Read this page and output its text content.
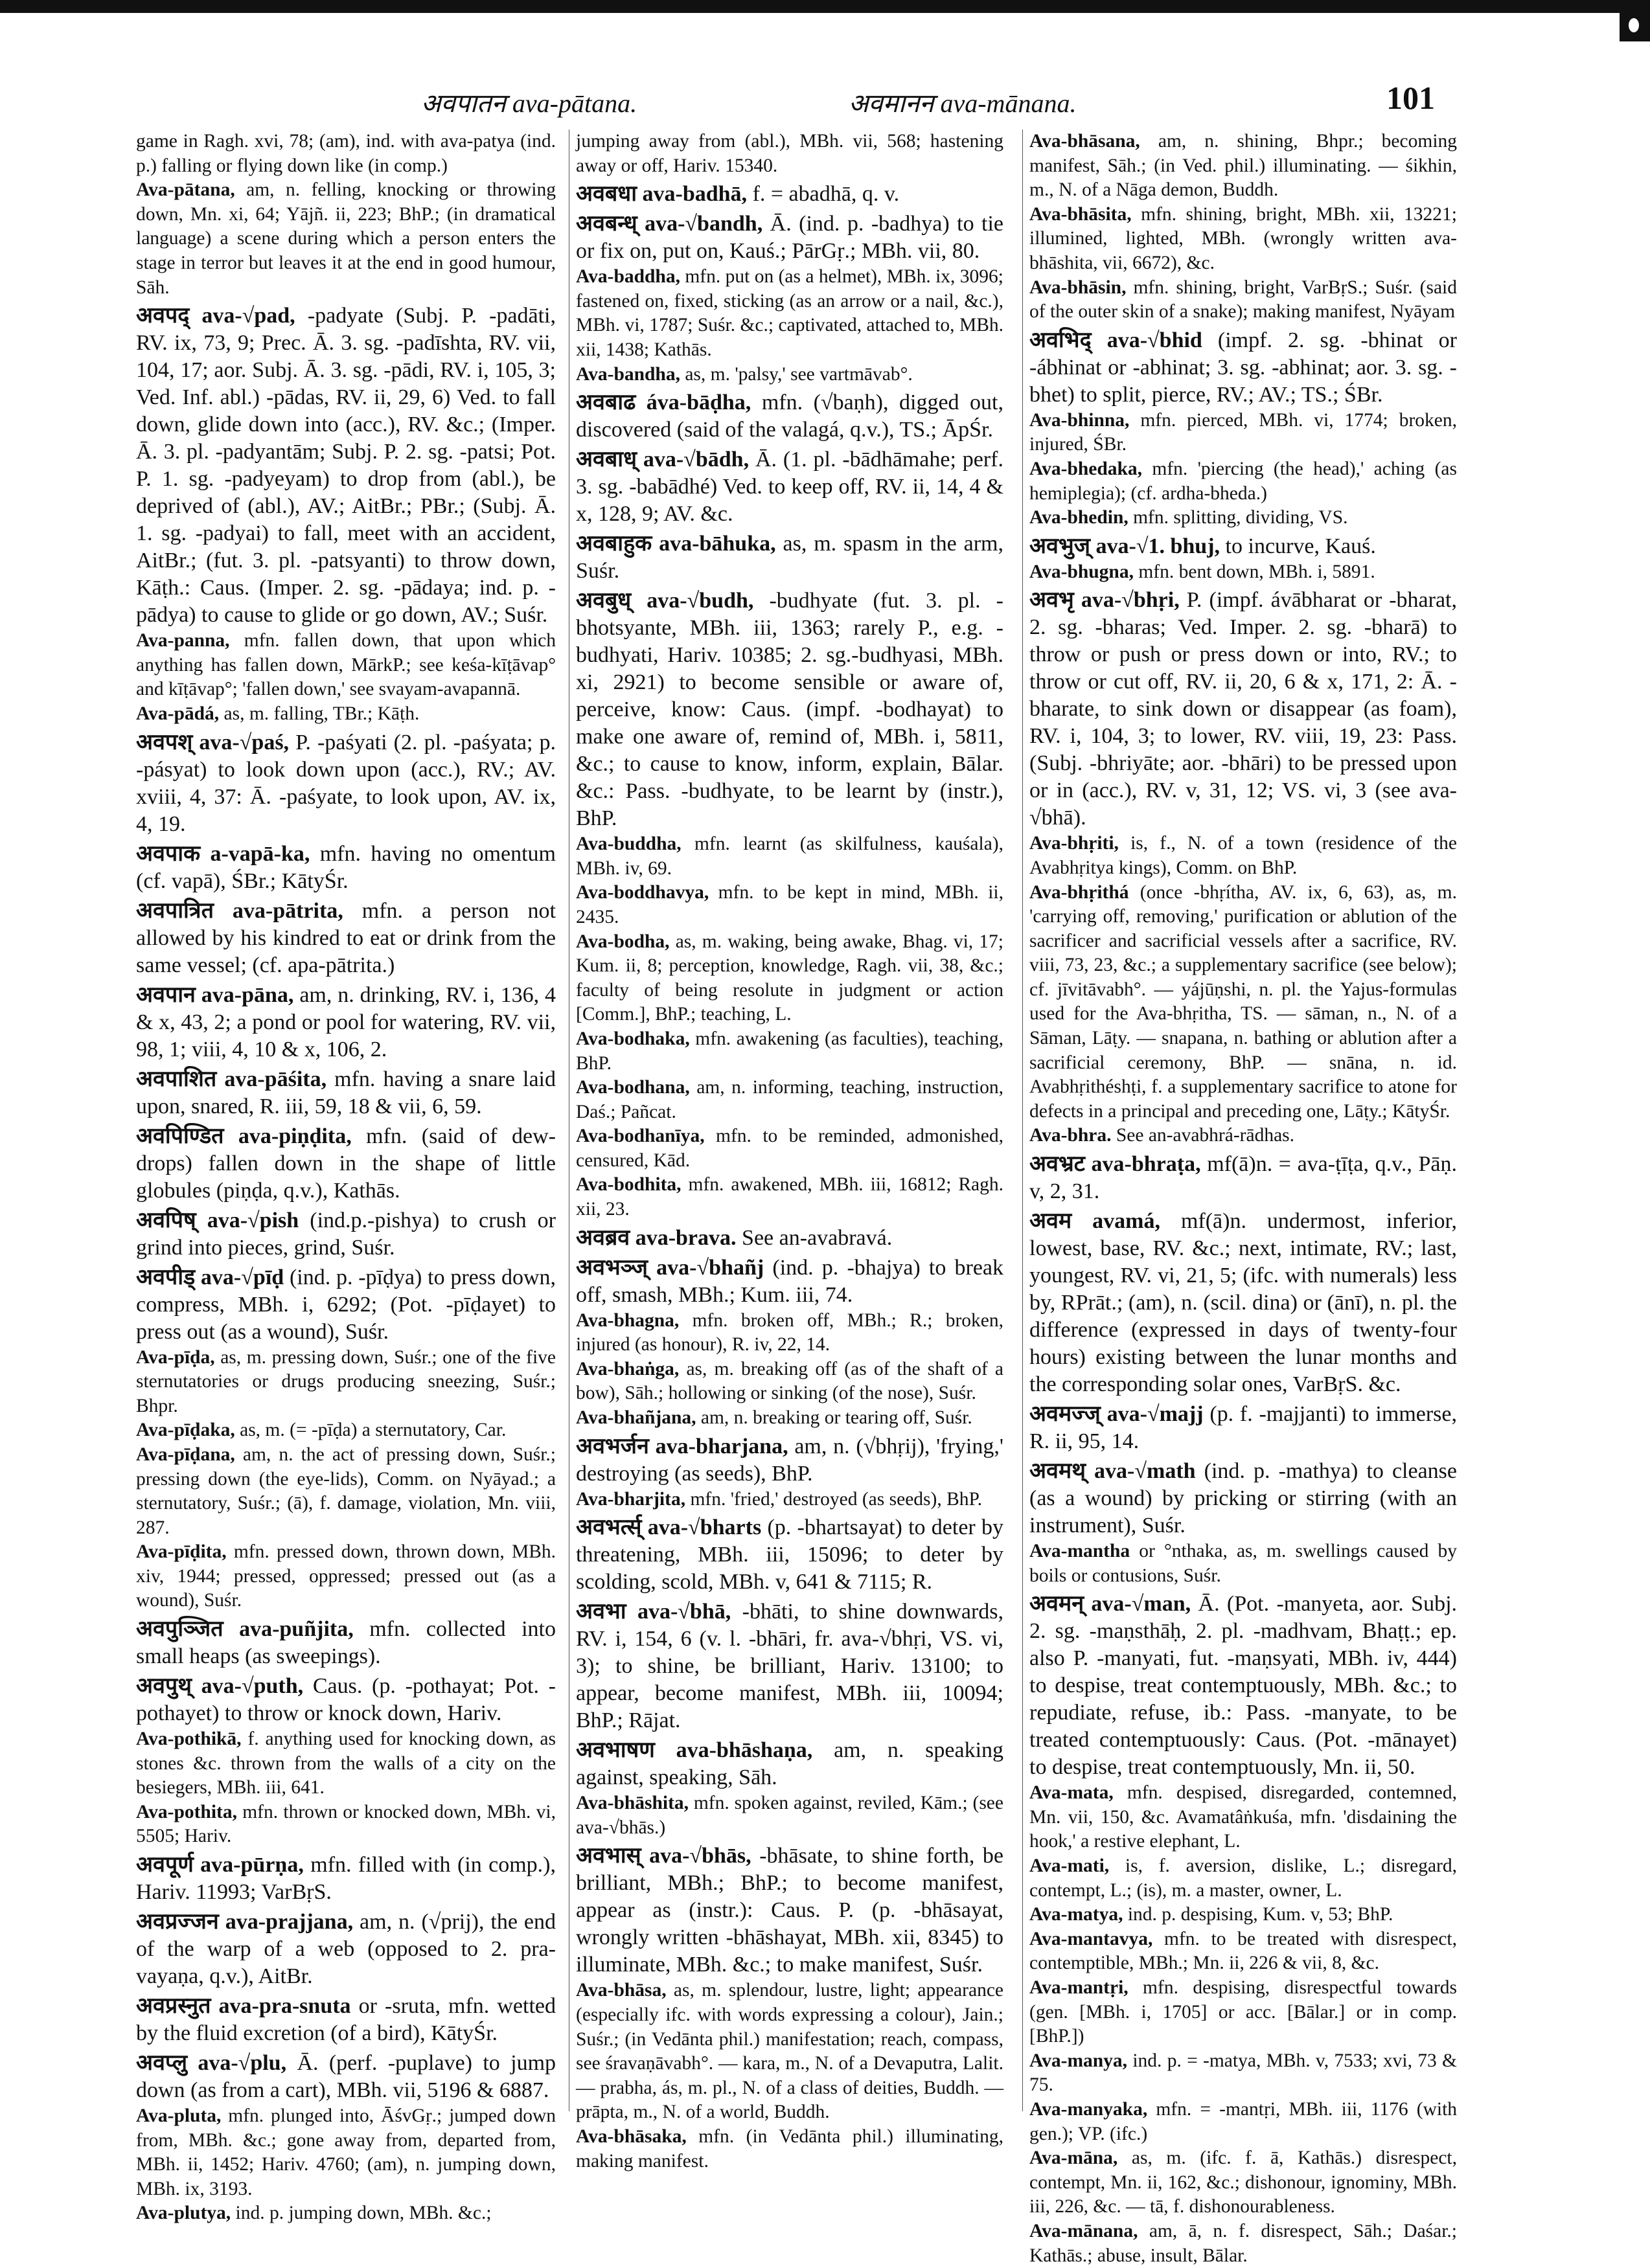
अवपातन ava-pātana.	अवमानन ava-mānana.	101

game in Ragh. xvi, 78; (am), ind. with ava-patya (ind. p.) falling or flying down like (in comp.)

Ava-pātana, am, n. felling, knocking or throwing down, Mn. xi, 64; Yājñ. ii, 223; BhP.; (in dramatical language) a scene during which a person enters the stage in terror but leaves it at the end in good humour, Sāh.

अवपद् ava-√pad, -padyate (Subj. P. -padāti, RV. ix, 73, 9; Prec. Ā. 3. sg. -padīshta, RV. vii, 104, 17; aor. Subj. Ā. 3. sg. -pādi, RV. i, 105, 3; Ved. Inf. abl.) -pādas, RV. ii, 29, 6) Ved. to fall down, glide down into (acc.), RV. &c.; (Imper. Ā. 3. pl. -padyantām; Subj. P. 2. sg. -patsi; Pot. P. 1. sg. -padyeyam) to drop from (abl.), be deprived of (abl.), AV.; AitBr.; PBr.; (Subj. Ā. 1. sg. -padyai) to fall, meet with an accident, AitBr.; (fut. 3. pl. -patsyanti) to throw down, Kāṭh.: Caus. (Imper. 2. sg. -pādaya; ind. p. -pādya) to cause to glide or go down, AV.; Suśr.

Ava-panna, mfn. fallen down, that upon which anything has fallen down, MārkP.; see keśa-kīṭāvap° and kīṭāvap°; 'fallen down,' see svayam-avapannā.

Ava-pādá, as, m. falling, TBr.; Kāṭh.

अवपश् ava-√paś, P. -paśyati (2. pl. -paśyata; p. -pásyat) to look down upon (acc.), RV.; AV. xviii, 4, 37: Ā. -paśyate, to look upon, AV. ix, 4, 19.

अवपाक a-vapā-ka, mfn. having no omentum (cf. vapā), ŚBr.; KātyŚr.

अवपात्रित ava-pātrita, mfn. a person not allowed by his kindred to eat or drink from the same vessel; (cf. apa-pātrita.)

अवपान ava-pāna, am, n. drinking, RV. i, 136, 4 & x, 43, 2; a pond or pool for watering, RV. vii, 98, 1; viii, 4, 10 & x, 106, 2.

अवपाशित ava-pāśita, mfn. having a snare laid upon, snared, R. iii, 59, 18 & vii, 6, 59.

अवपिण्डित ava-piṇḍita, mfn. (said of dew-drops) fallen down in the shape of little globules (piṇḍa, q.v.), Kathās.

अवपिष् ava-√pish (ind.p.-pishya) to crush or grind into pieces, grind, Suśr.

अवपीड् ava-√pīḍ (ind. p. -pīḍya) to press down, compress, MBh. i, 6292; (Pot. -pīḍayet) to press out (as a wound), Suśr.

Ava-pīḍa, as, m. pressing down, Suśr.; one of the five sternutatories or drugs producing sneezing, Suśr.; Bhpr.

Ava-pīḍaka, as, m. (= -pīḍa) a sternutatory, Car.

Ava-pīḍana, am, n. the act of pressing down, Suśr.; pressing down (the eye-lids), Comm. on Nyāyad.; a sternutatory, Suśr.; (ā), f. damage, violation, Mn. viii, 287.

Ava-pīḍita, mfn. pressed down, thrown down, MBh. xiv, 1944; pressed, oppressed; pressed out (as a wound), Suśr.

अवपुञ्जित ava-puñjita, mfn. collected into small heaps (as sweepings).

अवपुथ् ava-√puth, Caus. (p. -pothayat; Pot. -pothayet) to throw or knock down, Hariv.

Ava-pothikā, f. anything used for knocking down, as stones &c. thrown from the walls of a city on the besiegers, MBh. iii, 641.

Ava-pothita, mfn. thrown or knocked down, MBh. vi, 5505; Hariv.

अवपूर्ण ava-pūrṇa, mfn. filled with (in comp.), Hariv. 11993; VarBṛS.

अवप्रज्जन ava-prajjana, am, n. (√prij), the end of the warp of a web (opposed to 2. pra-vayaṇa, q.v.), AitBr.

अवप्रस्नुत ava-pra-snuta or -sruta, mfn. wetted by the fluid excretion (of a bird), KātyŚr.

अवप्लु ava-√plu, Ā. (perf. -puplave) to jump down (as from a cart), MBh. vii, 5196 & 6887.

Ava-pluta, mfn. plunged into, ĀśvGṛ.; jumped down from, MBh. &c.; gone away from, departed from, MBh. ii, 1452; Hariv. 4760; (am), n. jumping down, MBh. ix, 3193.

Ava-plutya, ind. p. jumping down, MBh. &c.;

jumping away from (abl.), MBh. vii, 568; hastening away or off, Hariv. 15340.

अवबधा ava-badhā, f. = abadhā, q. v.

अवबन्ध् ava-√bandh, Ā. (ind. p. -badhya) to tie or fix on, put on, Kauś.; PārGṛ.; MBh. vii, 80.

Ava-baddha, mfn. put on (as a helmet), MBh. ix, 3096; fastened on, fixed, sticking (as an arrow or a nail, &c.), MBh. vi, 1787; Suśr. &c.; captivated, attached to, MBh. xii, 1438; Kathās.

Ava-bandha, as, m. 'palsy,' see vartmāvab°.

अवबाढ áva-bāḍha, mfn. (√baṇh), digged out, discovered (said of the valagá, q.v.), TS.; ĀpŚr.

अवबाध् ava-√bādh, Ā. (1. pl. -bādhāmahe; perf. 3. sg. -babādhé) Ved. to keep off, RV. ii, 14, 4 & x, 128, 9; AV. &c.

अवबाहुक ava-bāhuka, as, m. spasm in the arm, Suśr.

अवबुध् ava-√budh, -budhyate (fut. 3. pl. -bhotsyante, MBh. iii, 1363; rarely P., e.g. -budhyati, Hariv. 10385; 2. sg.-budhyasi, MBh. xi, 2921) to become sensible or aware of, perceive, know: Caus. (impf. -bodhayat) to make one aware of, remind of, MBh. i, 5811, &c.; to cause to know, inform, explain, Bālar. &c.: Pass. -budhyate, to be learnt by (instr.), BhP.

Ava-buddha, mfn. learnt (as skilfulness, kauśala), MBh. iv, 69.

Ava-boddhavya, mfn. to be kept in mind, MBh. ii, 2435.

Ava-bodha, as, m. waking, being awake, Bhag. vi, 17; Kum. ii, 8; perception, knowledge, Ragh. vii, 38, &c.; faculty of being resolute in judgment or action [Comm.], BhP.; teaching, L.

Ava-bodhaka, mfn. awakening (as faculties), teaching, BhP.

Ava-bodhana, am, n. informing, teaching, instruction, Daś.; Pañcat.

Ava-bodhanīya, mfn. to be reminded, admonished, censured, Kād.

Ava-bodhita, mfn. awakened, MBh. iii, 16812; Ragh. xii, 23.

अवब्रव ava-brava. See an-avabravá.

अवभञ्ज् ava-√bhañj (ind. p. -bhajya) to break off, smash, MBh.; Kum. iii, 74.

Ava-bhagna, mfn. broken off, MBh.; R.; broken, injured (as honour), R. iv, 22, 14.

Ava-bhaṅga, as, m. breaking off (as of the shaft of a bow), Sāh.; hollowing or sinking (of the nose), Suśr.

Ava-bhañjana, am, n. breaking or tearing off, Suśr.

अवभर्जन ava-bharjana, am, n. (√bhṛij), 'frying,' destroying (as seeds), BhP.

Ava-bharjita, mfn. 'fried,' destroyed (as seeds), BhP.

अवभर्त्स् ava-√bharts (p. -bhartsayat) to deter by threatening, MBh. iii, 15096; to deter by scolding, scold, MBh. v, 641 & 7115; R.

अवभा ava-√bhā, -bhāti, to shine downwards, RV. i, 154, 6 (v. l. -bhāri, fr. ava-√bhṛi, VS. vi, 3); to shine, be brilliant, Hariv. 13100; to appear, become manifest, MBh. iii, 10094; BhP.; Rājat.

अवभाषण ava-bhāshaṇa, am, n. speaking against, speaking, Sāh.

Ava-bhāshita, mfn. spoken against, reviled, Kām.; (see ava-√bhās.)

अवभास् ava-√bhās, -bhāsate, to shine forth, be brilliant, MBh.; BhP.; to become manifest, appear as (instr.): Caus. P. (p. -bhāsayat, wrongly written -bhāshayat, MBh. xii, 8345) to illuminate, MBh. &c.; to make manifest, Suśr.

Ava-bhāsa, as, m. splendour, lustre, light; appearance (especially ifc. with words expressing a colour), Jain.; Suśr.; (in Vedānta phil.) manifestation; reach, compass, see śravaṇāvabh°. — kara, m., N. of a Devaputra, Lalit. — prabha, ás, m. pl., N. of a class of deities, Buddh. — prāpta, m., N. of a world, Buddh.

Ava-bhāsaka, mfn. (in Vedānta phil.) illuminating, making manifest.

Ava-bhāsana, am, n. shining, Bhpr.; becoming manifest, Sāh.; (in Ved. phil.) illuminating. — śikhin, m., N. of a Nāga demon, Buddh.

Ava-bhāsita, mfn. shining, bright, MBh. xii, 13221; illumined, lighted, MBh. (wrongly written ava-bhāshita, vii, 6672), &c.

Ava-bhāsin, mfn. shining, bright, VarBṛS.; Suśr. (said of the outer skin of a snake); making manifest, Nyāyam

अवभिद् ava-√bhid (impf. 2. sg. -bhinat or -ábhinat or -abhinat; 3. sg. -abhinat; aor. 3. sg. -bhet) to split, pierce, RV.; AV.; TS.; ŚBr.

Ava-bhinna, mfn. pierced, MBh. vi, 1774; broken, injured, ŚBr.

Ava-bhedaka, mfn. 'piercing (the head),' aching (as hemiplegia); (cf. ardha-bheda.)

Ava-bhedin, mfn. splitting, dividing, VS.

अवभुज् ava-√1. bhuj, to incurve, Kauś.

Ava-bhugna, mfn. bent down, MBh. i, 5891.

अवभृ ava-√bhṛi, P. (impf. ávābharat or -bharat, 2. sg. -bharas; Ved. Imper. 2. sg. -bharā) to throw or push or press down or into, RV.; to throw or cut off, RV. ii, 20, 6 & x, 171, 2: Ā. -bharate, to sink down or disappear (as foam), RV. i, 104, 3; to lower, RV. viii, 19, 23: Pass. (Subj. -bhriyāte; aor. -bhāri) to be pressed upon or in (acc.), RV. v, 31, 12; VS. vi, 3 (see ava-√bhā).

Ava-bhṛiti, is, f., N. of a town (residence of the Avabhṛitya kings), Comm. on BhP.

Ava-bhṛithá (once -bhṛítha, AV. ix, 6, 63), as, m. 'carrying off, removing,' purification or ablution of the sacrificer and sacrificial vessels after a sacrifice, RV. viii, 73, 23, &c.; a supplementary sacrifice (see below); cf. jīvitāvabh°. — yájūṇshi, n. pl. the Yajus-formulas used for the Ava-bhṛitha, TS. — sāman, n., N. of a Sāman, Lāṭy. — snapana, n. bathing or ablution after a sacrificial ceremony, BhP. — snāna, n. id. Avabhṛithéshṭi, f. a supplementary sacrifice to atone for defects in a principal and preceding one, Lāṭy.; KātyŚr.

Ava-bhra. See an-avabhrá-rādhas.

अवभ्रट ava-bhraṭa, mf(ā)n. = ava-ṭīṭa, q.v., Pāṇ. v, 2, 31.

अवम avamá, mf(ā)n. undermost, inferior, lowest, base, RV. &c.; next, intimate, RV.; last, youngest, RV. vi, 21, 5; (ifc. with numerals) less by, RPrāt.; (am), n. (scil. dina) or (ānī), n. pl. the difference (expressed in days of twenty-four hours) existing between the lunar months and the corresponding solar ones, VarBṛS. &c.

अवमज्ज् ava-√majj (p. f. -majjanti) to immerse, R. ii, 95, 14.

अवमथ् ava-√math (ind. p. -mathya) to cleanse (as a wound) by pricking or stirring (with an instrument), Suśr.

Ava-mantha or °nthaka, as, m. swellings caused by boils or contusions, Suśr.

अवमन् ava-√man, Ā. (Pot. -manyeta, aor. Subj. 2. sg. -maṇsthāḥ, 2. pl. -madhvam, Bhaṭṭ.; ep. also P. -manyati, fut. -maṇsyati, MBh. iv, 444) to despise, treat contemptuously, MBh. &c.; to repudiate, refuse, ib.: Pass. -manyate, to be treated contemptuously: Caus. (Pot. -mānayet) to despise, treat contemptuously, Mn. ii, 50.

Ava-mata, mfn. despised, disregarded, contemned, Mn. vii, 150, &c. Avamatâṅkuśa, mfn. 'disdaining the hook,' a restive elephant, L.

Ava-mati, is, f. aversion, dislike, L.; disregard, contempt, L.; (is), m. a master, owner, L.

Ava-matya, ind. p. despising, Kum. v, 53; BhP.

Ava-mantavya, mfn. to be treated with disrespect, contemptible, MBh.; Mn. ii, 226 & vii, 8, &c.

Ava-mantṛi, mfn. despising, disrespectful towards (gen. [MBh. i, 1705] or acc. [Bālar.] or in comp. [BhP.])

Ava-manya, ind. p. = -matya, MBh. v, 7533; xvi, 73 & 75.

Ava-manyaka, mfn. = -mantṛi, MBh. iii, 1176 (with gen.); VP. (ifc.)

Ava-māna, as, m. (ifc. f. ā, Kathās.) disrespect, contempt, Mn. ii, 162, &c.; dishonour, ignominy, MBh. iii, 226, &c. — tā, f. dishonourableness.

Ava-mānana, am, ā, n. f. disrespect, Sāh.; Daśar.; Kathās.; abuse, insult, Bālar.
